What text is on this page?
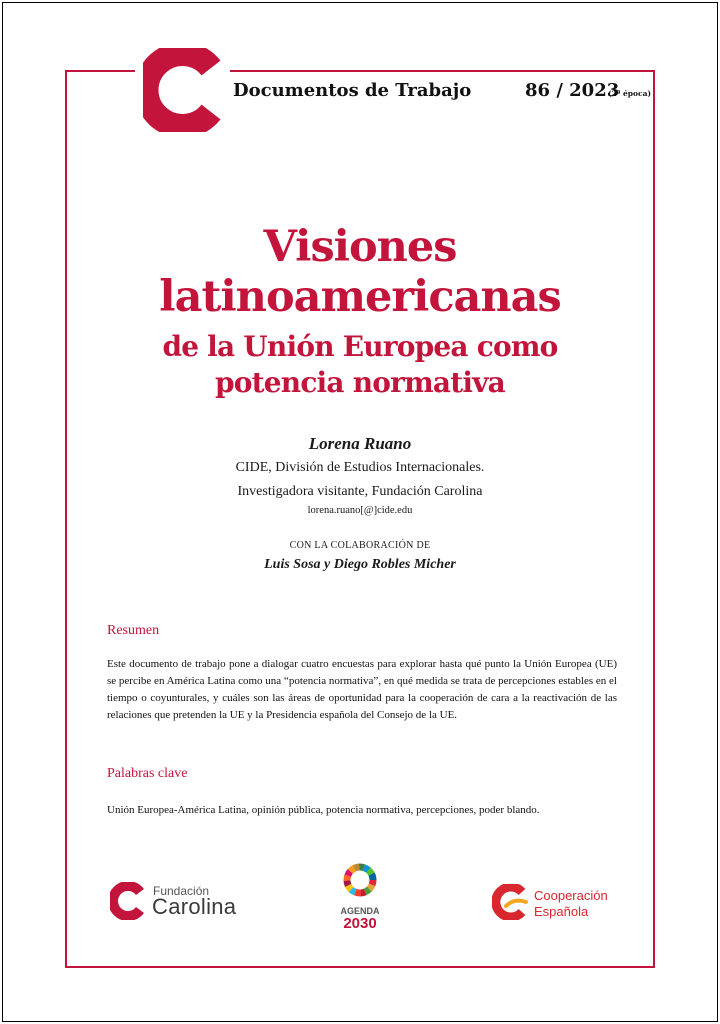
Documentos de Trabajo	86 / 2023
(2ª época)
Visiones
latinoamericanas
de la Unión Europea como
potencia normativa
Lorena Ruano
CIDE, División de Estudios Internacionales.
Investigadora visitante, Fundación Carolina
lorena.ruano[@]cide.edu
CON LA COLABORACIÓN DE
Luis Sosa y Diego Robles Micher
Resumen
Este documento de trabajo pone a dialogar cuatro encuestas para explorar hasta qué punto la Unión Europea (UE) se percibe en América Latina como una “potencia normativa”, en qué medida se trata de percepciones estables en el tiempo o coyunturales, y cuáles son las áreas de oportunidad para la cooperación de cara a la reactivación de las relaciones que pretenden la UE y la Presidencia española del Consejo de la UE.
Palabras clave
Unión Europea-América Latina, opinión pública, potencia normativa, percepciones, poder blando.
Fundación
Carolina	AGENDA
2030
Cooperación
Española
